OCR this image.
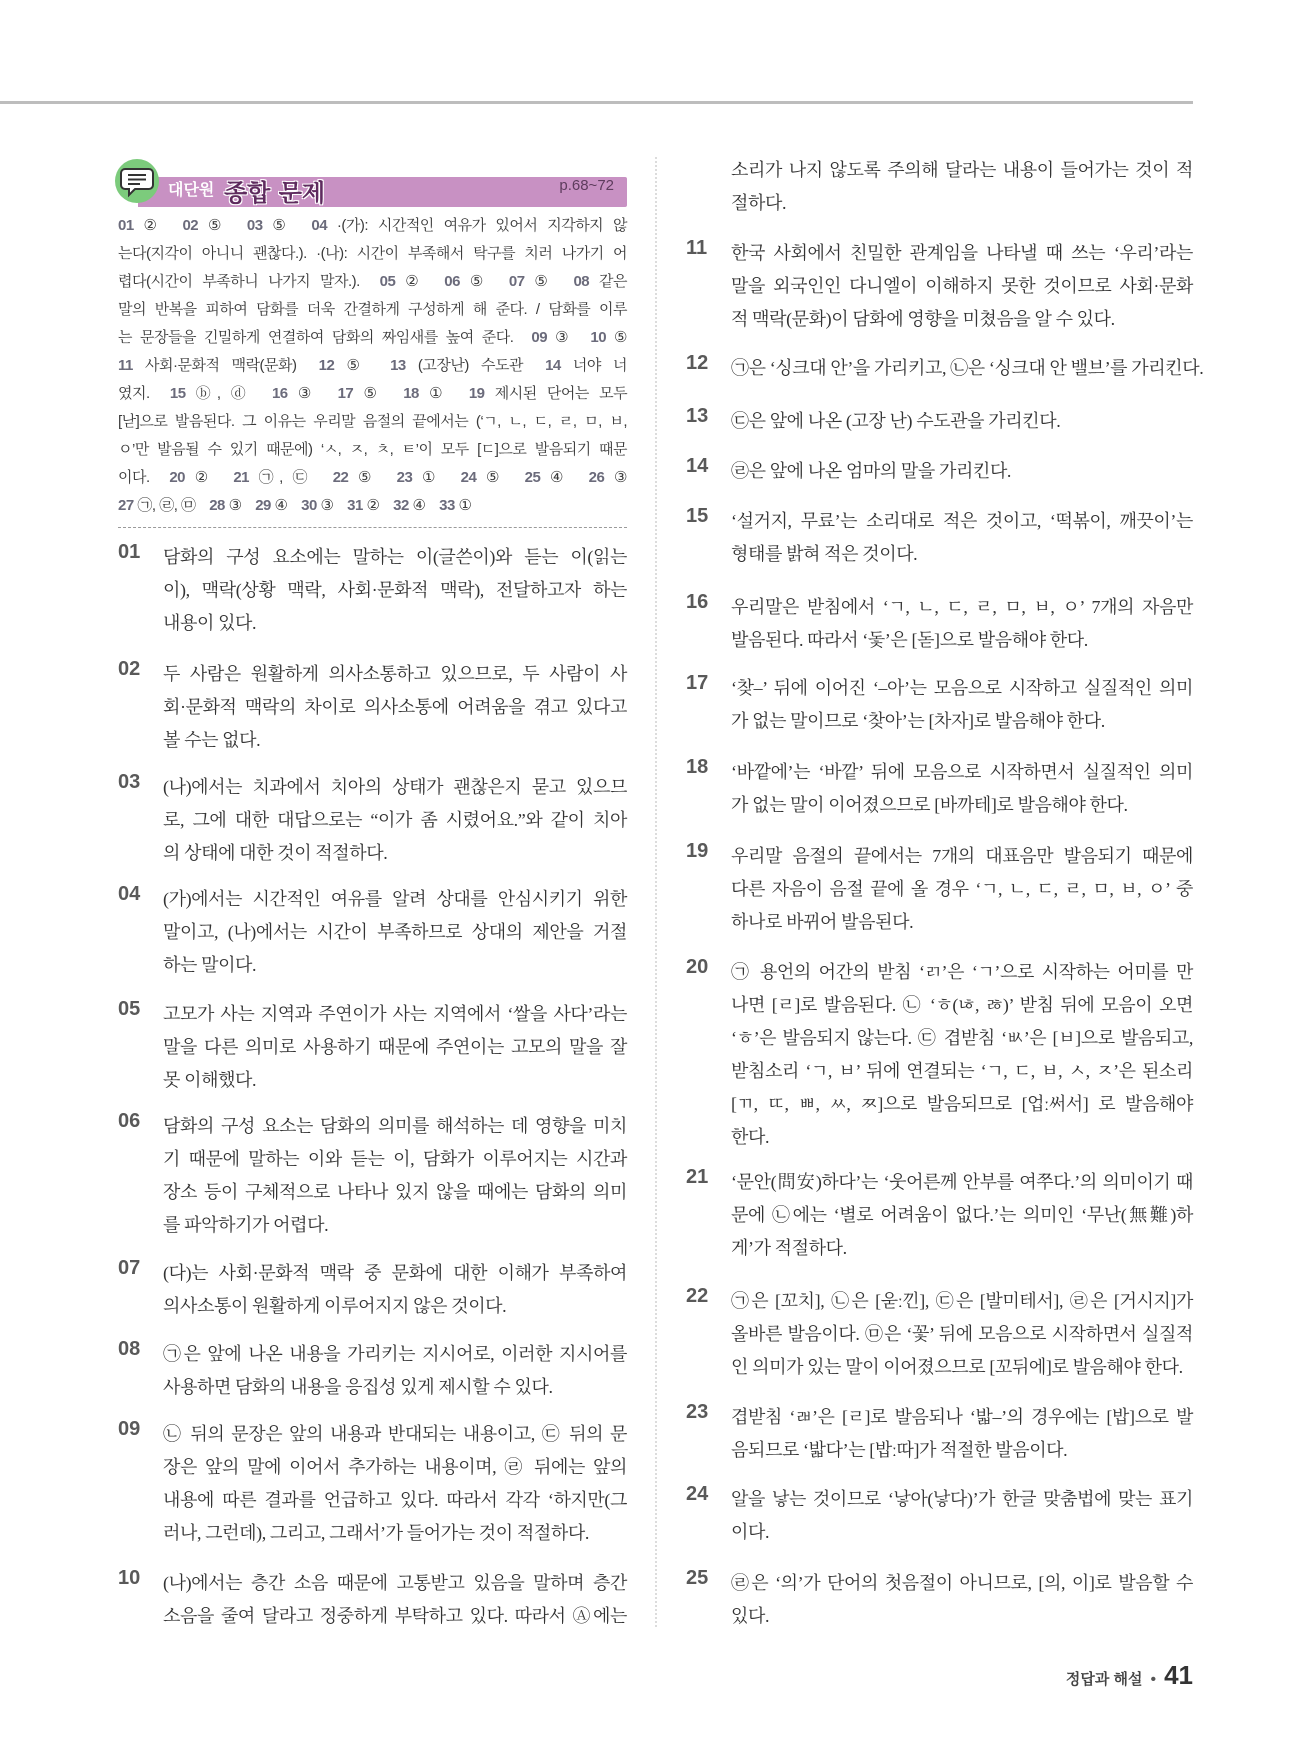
대단원 종합 문제	p.68~72
01 ② 02 ⑤ 03 ⑤ 04 ·(가): 시간적인 여유가 있어서 지각하지 않
는다(지각이 아니니 괜찮다.). ·(나): 시간이 부족해서 탁구를 치러 나가기 어
렵다(시간이 부족하니 나가지 말자.). 05 ② 06 ⑤ 07 ⑤ 08 같은
말의 반복을 피하여 담화를 더욱 간결하게 구성하게 해 준다. / 담화를 이루
는 문장들을 긴밀하게 연결하여 담화의 짜임새를 높여 준다. 09 ③ 10 ⑤
11 사회·문화적 맥락(문화) 12 ⑤ 13 (고장난) 수도관 14 너야 너
였지. 15 ⓑ, ⓓ 16 ③ 17 ⑤ 18 ① 19 제시된 단어는 모두
[낟]으로 발음된다. 그 이유는 우리말 음절의 끝에서는 (‘ㄱ, ㄴ, ㄷ, ㄹ, ㅁ, ㅂ,
ㅇ’만 발음될 수 있기 때문에) ‘ㅅ, ㅈ, ㅊ, ㅌ’이 모두 [ㄷ]으로 발음되기 때문
이다. 20 ② 21 ㉠, ㉢ 22 ⑤ 23 ① 24 ⑤ 25 ④ 26 ③
27 ㉠, ㉣, ㉤ 28 ③ 29 ④ 30 ③ 31 ② 32 ④ 33 ①
01 담화의 구성 요소에는 말하는 이(글쓴이)와 듣는 이(읽는
이), 맥락(상황 맥락, 사회·문화적 맥락), 전달하고자 하는
내용이 있다.
02 두 사람은 원활하게 의사소통하고 있으므로, 두 사람이 사
회·문화적 맥락의 차이로 의사소통에 어려움을 겪고 있다고
볼 수는 없다.
03 (나)에서는 치과에서 치아의 상태가 괜찮은지 묻고 있으므
로, 그에 대한 대답으로는 “이가 좀 시렸어요.”와 같이 치아
의 상태에 대한 것이 적절하다.
04 (가)에서는 시간적인 여유를 알려 상대를 안심시키기 위한
말이고, (나)에서는 시간이 부족하므로 상대의 제안을 거절
하는 말이다.
05 고모가 사는 지역과 주연이가 사는 지역에서 ‘쌀을 사다’라는
말을 다른 의미로 사용하기 때문에 주연이는 고모의 말을 잘
못 이해했다.
06 담화의 구성 요소는 담화의 의미를 해석하는 데 영향을 미치
기 때문에 말하는 이와 듣는 이, 담화가 이루어지는 시간과
장소 등이 구체적으로 나타나 있지 않을 때에는 담화의 의미
를 파악하기가 어렵다.
07 (다)는 사회·문화적 맥락 중 문화에 대한 이해가 부족하여
의사소통이 원활하게 이루어지지 않은 것이다.
08 ㉠은 앞에 나온 내용을 가리키는 지시어로, 이러한 지시어를
사용하면 담화의 내용을 응집성 있게 제시할 수 있다.
09 ㉡ 뒤의 문장은 앞의 내용과 반대되는 내용이고, ㉢ 뒤의 문
장은 앞의 말에 이어서 추가하는 내용이며, ㉣ 뒤에는 앞의
내용에 따른 결과를 언급하고 있다. 따라서 각각 ‘하지만(그
러나, 그런데), 그리고, 그래서’가 들어가는 것이 적절하다.
10 (나)에서는 층간 소음 때문에 고통받고 있음을 말하며 층간
소음을 줄여 달라고 정중하게 부탁하고 있다. 따라서 Ⓐ에는
소리가 나지 않도록 주의해 달라는 내용이 들어가는 것이 적
절하다.
11 한국 사회에서 친밀한 관계임을 나타낼 때 쓰는 ‘우리’라는
말을 외국인인 다니엘이 이해하지 못한 것이므로 사회·문화
적 맥락(문화)이 담화에 영향을 미쳤음을 알 수 있다.
12 ㉠은 ‘싱크대 안’을 가리키고, ㉡은 ‘싱크대 안 밸브’를 가리킨다.
13 ㉢은 앞에 나온 (고장 난) 수도관을 가리킨다.
14 ㉣은 앞에 나온 엄마의 말을 가리킨다.
15 ‘설거지, 무료’는 소리대로 적은 것이고, ‘떡볶이, 깨끗이’는
형태를 밝혀 적은 것이다.
16 우리말은 받침에서 ‘ㄱ, ㄴ, ㄷ, ㄹ, ㅁ, ㅂ, ㅇ’ 7개의 자음만
발음된다. 따라서 ‘돛’은 [돋]으로 발음해야 한다.
17 ‘찾–’ 뒤에 이어진 ‘–아’는 모음으로 시작하고 실질적인 의미
가 없는 말이므로 ‘찾아’는 [차자]로 발음해야 한다.
18 ‘바깥에’는 ‘바깥’ 뒤에 모음으로 시작하면서 실질적인 의미
가 없는 말이 이어졌으므로 [바까테]로 발음해야 한다.
19 우리말 음절의 끝에서는 7개의 대표음만 발음되기 때문에
다른 자음이 음절 끝에 올 경우 ‘ㄱ, ㄴ, ㄷ, ㄹ, ㅁ, ㅂ, ㅇ’ 중
하나로 바뀌어 발음된다.
20 ㉠ 용언의 어간의 받침 ‘ㄺ’은 ‘ㄱ’으로 시작하는 어미를 만
나면 [ㄹ]로 발음된다. ㉡ ‘ㅎ(ㄶ, ㅀ)’ 받침 뒤에 모음이 오면
‘ㅎ’은 발음되지 않는다. ㉢ 겹받침 ‘ㅄ’은 [ㅂ]으로 발음되고,
받침소리 ‘ㄱ, ㅂ’ 뒤에 연결되는 ‘ㄱ, ㄷ, ㅂ, ㅅ, ㅈ’은 된소리
[ㄲ, ㄸ, ㅃ, ㅆ, ㅉ]으로 발음되므로 [업ː써서] 로 발음해야
한다.
21 ‘문안(問安)하다’는 ‘웃어른께 안부를 여쭈다.’의 의미이기 때
문에 ㉡에는 ‘별로 어려움이 없다.’는 의미인 ‘무난(無難)하
게’가 적절하다.
22 ㉠은 [꼬치], ㉡은 [욷ː낀], ㉢은 [발미테서], ㉣은 [거시지]가
올바른 발음이다. ㉤은 ‘꽃’ 뒤에 모음으로 시작하면서 실질적
인 의미가 있는 말이 이어졌으므로 [꼬뒤에]로 발음해야 한다.
23 겹받침 ‘ㄼ’은 [ㄹ]로 발음되나 ‘밟–’의 경우에는 [밥]으로 발
음되므로 ‘밟다’는 [밥ː따]가 적절한 발음이다.
24 알을 낳는 것이므로 ‘낳아(낳다)’가 한글 맞춤법에 맞는 표기
이다.
25 ㉣은 ‘의’가 단어의 첫음절이 아니므로, [의, 이]로 발음할 수
있다.
정답과 해설 • 41
